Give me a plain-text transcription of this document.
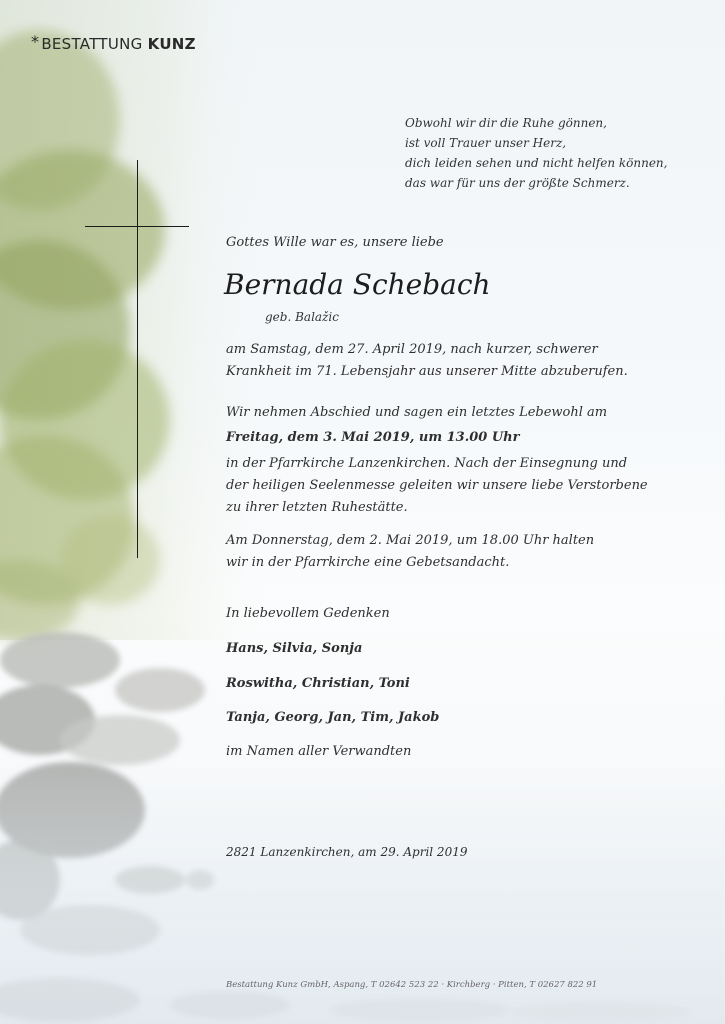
* BESTATTUNG KUNZ
Obwohl wir dir die Ruhe gönnen,
ist voll Trauer unser Herz,
dich leiden sehen und nicht helfen können,
das war für uns der größte Schmerz.
Gottes Wille war es, unsere liebe
Bernada Schebach
geb. Balažic
am Samstag, dem 27. April 2019, nach kurzer, schwerer
Krankheit im 71. Lebensjahr aus unserer Mitte abzuberufen.
Wir nehmen Abschied und sagen ein letztes Lebewohl am
Freitag, dem 3. Mai 2019, um 13.00 Uhr
in der Pfarrkirche Lanzenkirchen. Nach der Einsegnung und
der heiligen Seelenmesse geleiten wir unsere liebe Verstorbene
zu ihrer letzten Ruhestätte.
Am Donnerstag, dem 2. Mai 2019, um 18.00 Uhr halten
wir in der Pfarrkirche eine Gebetsandacht.
In liebevollem Gedenken
Hans, Silvia, Sonja
Roswitha, Christian, Toni
Tanja, Georg, Jan, Tim, Jakob
im Namen aller Verwandten
2821 Lanzenkirchen, am 29. April 2019
Bestattung Kunz GmbH, Aspang, T 02642 523 22 · Kirchberg · Pitten, T 02627 822 91
